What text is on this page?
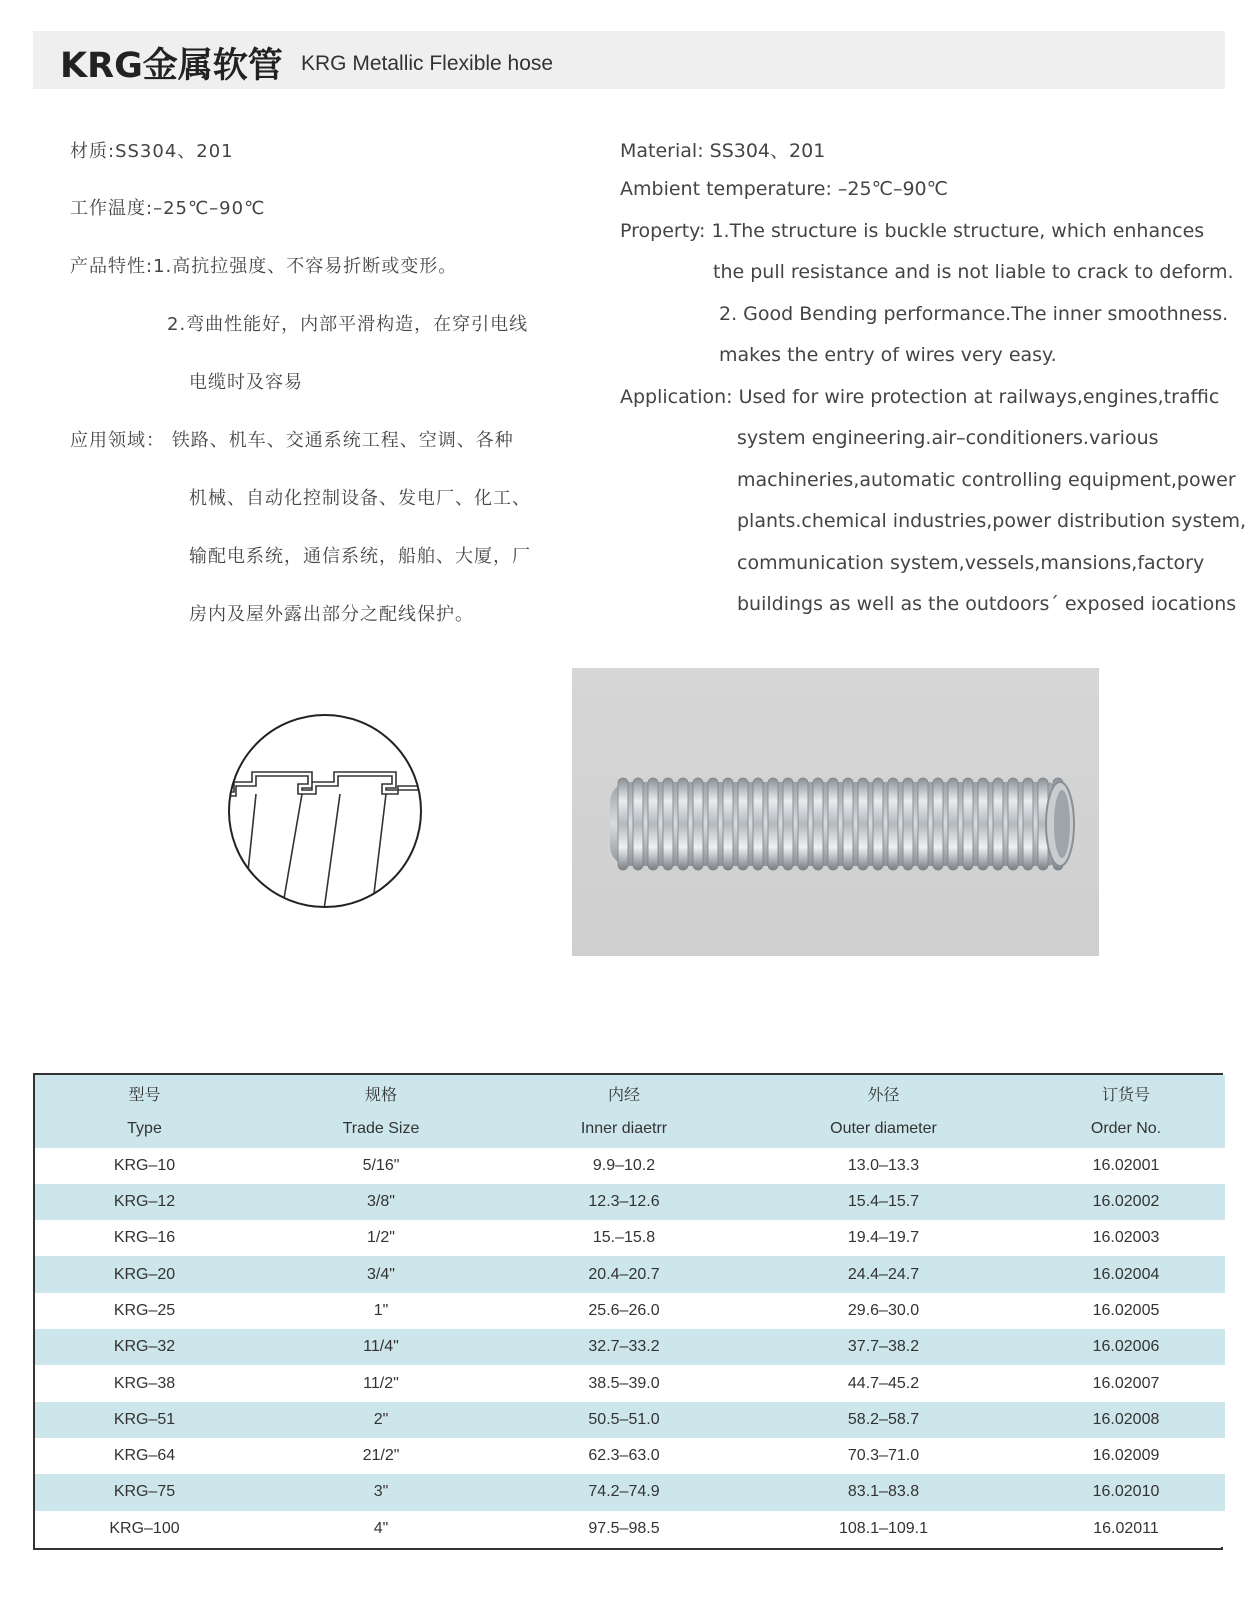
KRG金属软管 KRG Metallic Flexible hose
材质:SS304、201
工作温度:–25℃–90℃
产品特性:1.高抗拉强度、不容易折断或变形。
2.弯曲性能好，内部平滑构造，在穿引电线
电缆时及容易
应用领域： 铁路、机车、交通系统工程、空调、各种
机械、自动化控制设备、发电厂、化工、
输配电系统，通信系统，船舶、大厦，厂
房内及屋外露出部分之配线保护。
Material: SS304、201
Ambient temperature: –25℃–90℃
Property: 1.The structure is buckle structure, which enhances
the pull resistance and is not liable to crack to deform.
2. Good Bending performance.The inner smoothness.
makes the entry of wires very easy.
Application: Used for wire protection at railways,engines,traffic
system engineering.air–conditioners.various
machineries,automatic controlling equipment,power
plants.chemical industries,power distribution system,
communication system,vessels,mansions,factory
buildings as well as the outdoors´ exposed iocations
型号	规格	内经	外径	订货号
Type	Trade Size	Inner diaetrr	Outer diameter	Order No.
KRG–10	5/16"	9.9–10.2	13.0–13.3	16.02001
KRG–12	3/8"	12.3–12.6	15.4–15.7	16.02002
KRG–16	1/2"	15.–15.8	19.4–19.7	16.02003
KRG–20	3/4"	20.4–20.7	24.4–24.7	16.02004
KRG–25	1"	25.6–26.0	29.6–30.0	16.02005
KRG–32	11/4"	32.7–33.2	37.7–38.2	16.02006
KRG–38	11/2"	38.5–39.0	44.7–45.2	16.02007
KRG–51	2"	50.5–51.0	58.2–58.7	16.02008
KRG–64	21/2"	62.3–63.0	70.3–71.0	16.02009
KRG–75	3"	74.2–74.9	83.1–83.8	16.02010
KRG–100	4"	97.5–98.5	108.1–109.1	16.02011
